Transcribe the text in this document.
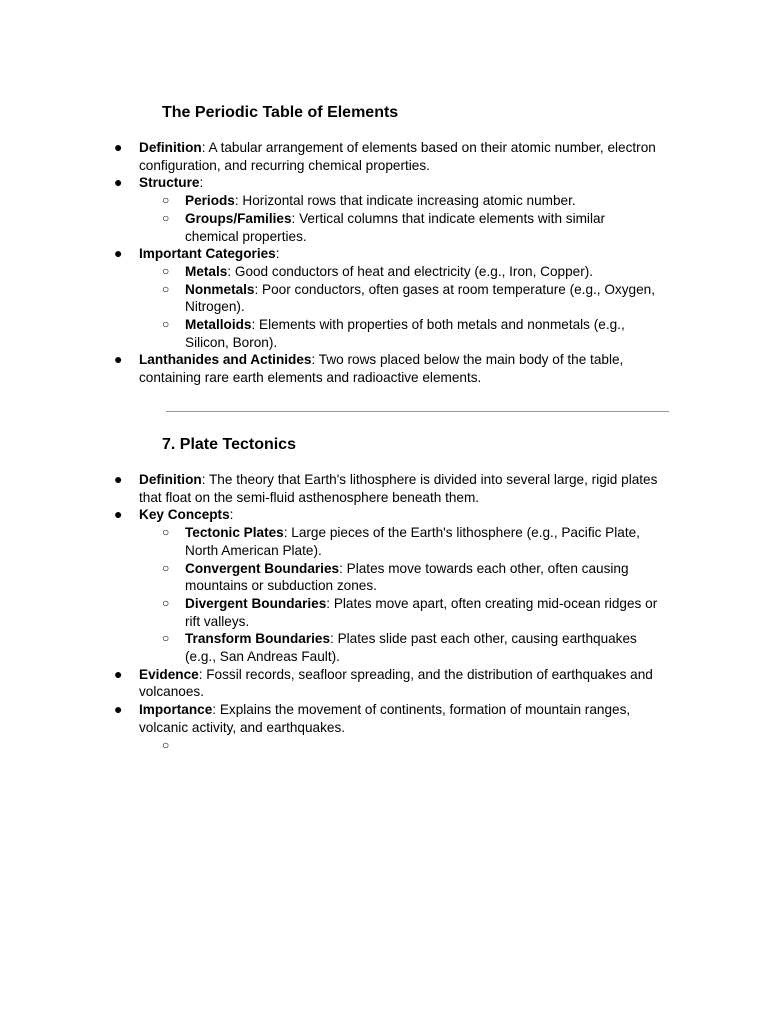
The Periodic Table of Elements
● Definition: A tabular arrangement of elements based on their atomic number, electron configuration, and recurring chemical properties.
● Structure:
○ Periods: Horizontal rows that indicate increasing atomic number.
○ Groups/Families: Vertical columns that indicate elements with similar chemical properties.
● Important Categories:
○ Metals: Good conductors of heat and electricity (e.g., Iron, Copper).
○ Nonmetals: Poor conductors, often gases at room temperature (e.g., Oxygen, Nitrogen).
○ Metalloids: Elements with properties of both metals and nonmetals (e.g., Silicon, Boron).
● Lanthanides and Actinides: Two rows placed below the main body of the table, containing rare earth elements and radioactive elements.
7. Plate Tectonics
● Definition: The theory that Earth's lithosphere is divided into several large, rigid plates that float on the semi-fluid asthenosphere beneath them.
● Key Concepts:
○ Tectonic Plates: Large pieces of the Earth's lithosphere (e.g., Pacific Plate, North American Plate).
○ Convergent Boundaries: Plates move towards each other, often causing mountains or subduction zones.
○ Divergent Boundaries: Plates move apart, often creating mid-ocean ridges or rift valleys.
○ Transform Boundaries: Plates slide past each other, causing earthquakes (e.g., San Andreas Fault).
● Evidence: Fossil records, seafloor spreading, and the distribution of earthquakes and volcanoes.
● Importance: Explains the movement of continents, formation of mountain ranges, volcanic activity, and earthquakes.
○
